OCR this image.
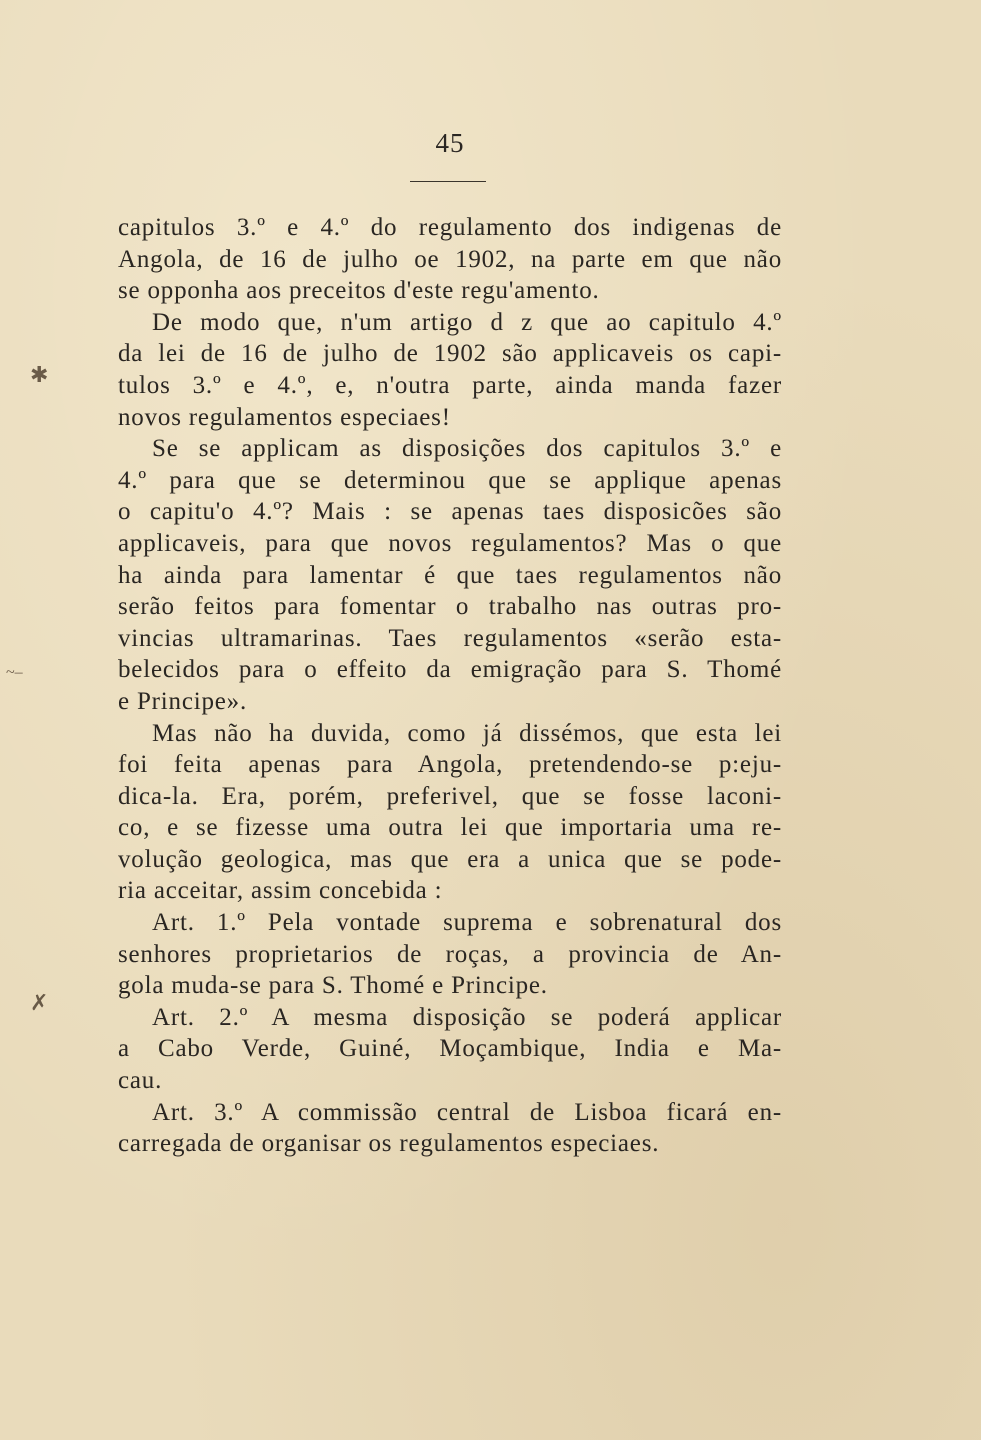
45
✱
~–
✗
capitulos 3.º e 4.º do regulamento dos indigenas de
Angola, de 16 de julho oe 1902, na parte em que não
se opponha aos preceitos d'este regu'amento.
De modo que, n'um artigo d z que ao capitulo 4.º
da lei de 16 de julho de 1902 são applicaveis os capi-
tulos 3.º e 4.º, e, n'outra parte, ainda manda fazer
novos regulamentos especiaes!
Se se applicam as disposições dos capitulos 3.º e
4.º para que se determinou que se applique apenas
o capitu'o 4.º? Mais : se apenas taes disposicões são
applicaveis, para que novos regulamentos? Mas o que
ha ainda para lamentar é que taes regulamentos não
serão feitos para fomentar o trabalho nas outras pro-
vincias ultramarinas. Taes regulamentos «serão esta-
belecidos para o effeito da emigração para S. Thomé
e Principe».
Mas não ha duvida, como já dissémos, que esta lei
foi feita apenas para Angola, pretendendo-se p:eju-
dica-la. Era, porém, preferivel, que se fosse laconi-
co, e se fizesse uma outra lei que importaria uma re-
volução geologica, mas que era a unica que se pode-
ria acceitar, assim concebida :
Art. 1.º Pela vontade suprema e sobrenatural dos
senhores proprietarios de roças, a provincia de An-
gola muda-se para S. Thomé e Principe.
Art. 2.º A mesma disposição se poderá applicar
a Cabo Verde, Guiné, Moçambique, India e Ma-
cau.
Art. 3.º A commissão central de Lisboa ficará en-
carregada de organisar os regulamentos especiaes.
